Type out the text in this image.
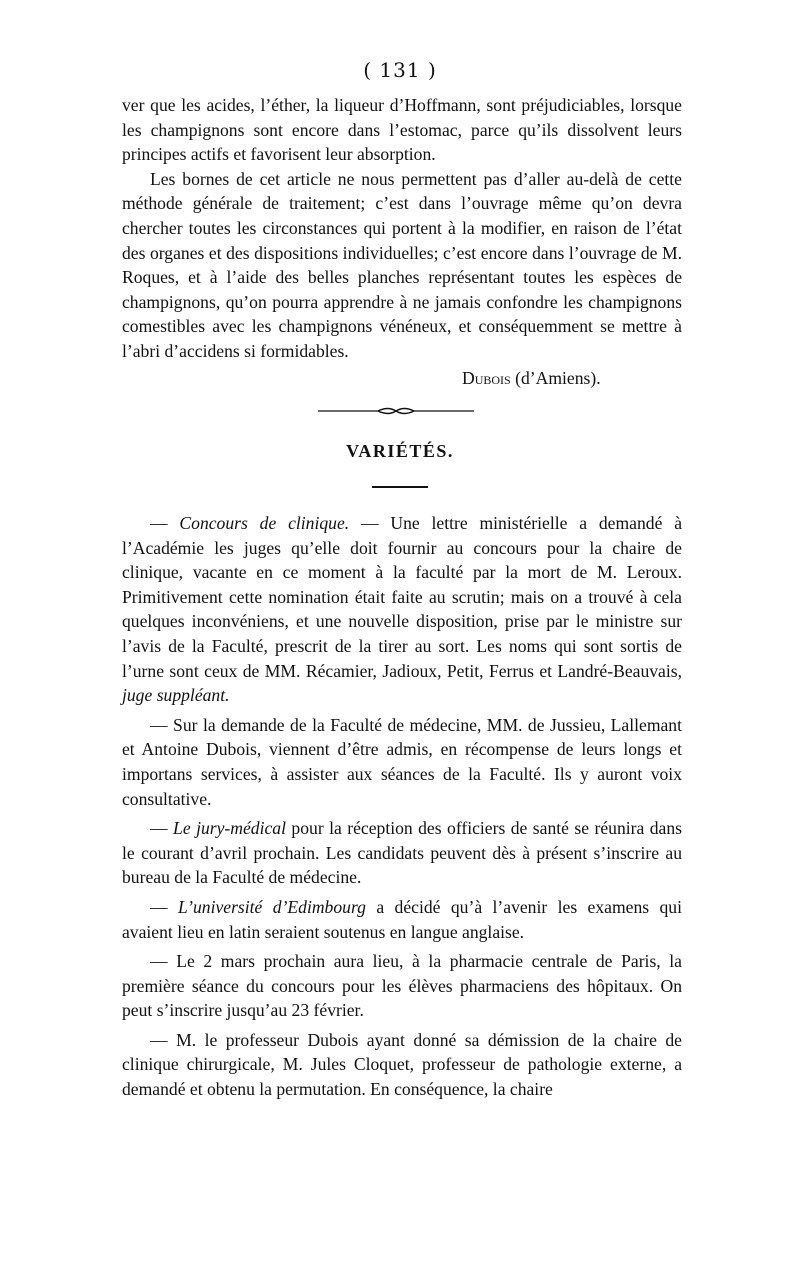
( 131 )

ver que les acides, l’éther, la liqueur d’Hoffmann, sont préjudiciables, lorsque les champignons sont encore dans l’estomac, parce qu’ils dissolvent leurs principes actifs et favorisent leur absorption.

Les bornes de cet article ne nous permettent pas d’aller au-delà de cette méthode générale de traitement; c’est dans l’ouvrage même qu’on devra chercher toutes les circonstances qui portent à la modifier, en raison de l’état des organes et des dispositions individuelles; c’est encore dans l’ouvrage de M. Roques, et à l’aide des belles planches représentant toutes les espèces de champignons, qu’on pourra apprendre à ne jamais confondre les champignons comestibles avec les champignons vénéneux, et conséquemment se mettre à l’abri d’accidens si formidables.

Dubois (d’Amiens).
VARIÉTÉS.

— Concours de clinique. — Une lettre ministérielle a demandé à l’Académie les juges qu’elle doit fournir au concours pour la chaire de clinique, vacante en ce moment à la faculté par la mort de M. Leroux. Primitivement cette nomination était faite au scrutin; mais on a trouvé à cela quelques inconvéniens, et une nouvelle disposition, prise par le ministre sur l’avis de la Faculté, prescrit de la tirer au sort. Les noms qui sont sortis de l’urne sont ceux de MM. Récamier, Jadioux, Petit, Ferrus et Landré-Beauvais, juge suppléant.

— Sur la demande de la Faculté de médecine, MM. de Jussieu, Lallemant et Antoine Dubois, viennent d’être admis, en récompense de leurs longs et importans services, à assister aux séances de la Faculté. Ils y auront voix consultative.

— Le jury-médical pour la réception des officiers de santé se réunira dans le courant d’avril prochain. Les candidats peuvent dès à présent s’inscrire au bureau de la Faculté de médecine.

— L’université d’Edimbourg a décidé qu’à l’avenir les examens qui avaient lieu en latin seraient soutenus en langue anglaise.

— Le 2 mars prochain aura lieu, à la pharmacie centrale de Paris, la première séance du concours pour les élèves pharmaciens des hôpitaux. On peut s’inscrire jusqu’au 23 février.

— M. le professeur Dubois ayant donné sa démission de la chaire de clinique chirurgicale, M. Jules Cloquet, professeur de pathologie externe, a demandé et obtenu la permutation. En conséquence, la chaire
